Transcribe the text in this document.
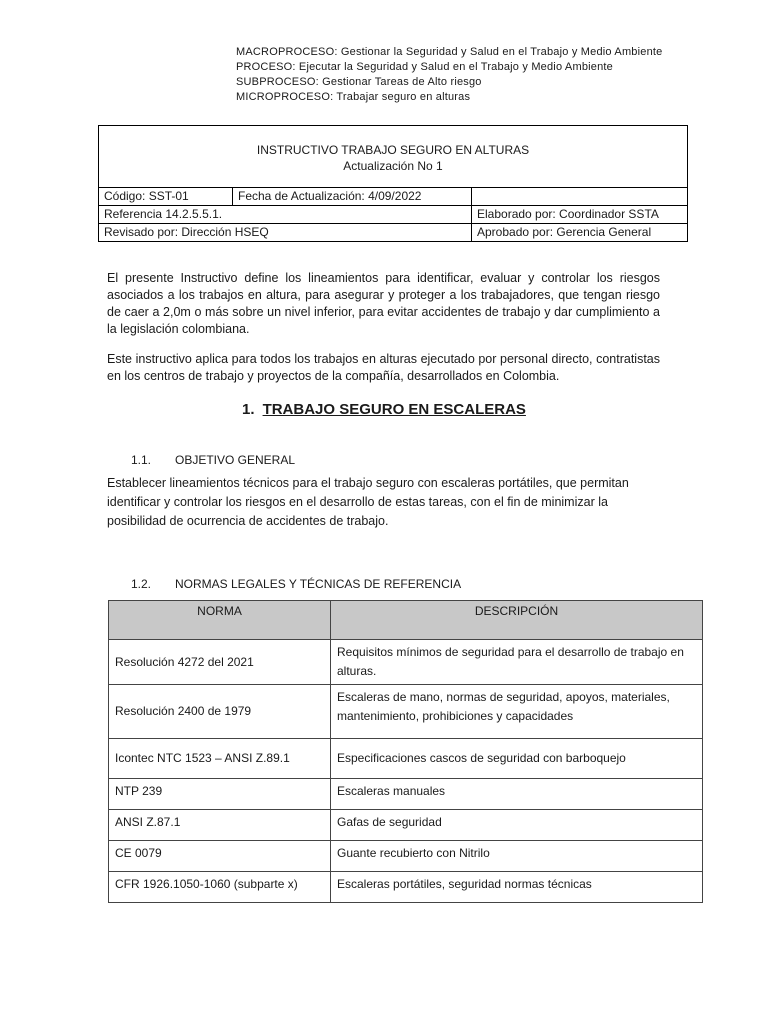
MACROPROCESO: Gestionar la Seguridad y Salud en el Trabajo y Medio Ambiente
PROCESO: Ejecutar la Seguridad y Salud en el Trabajo y Medio Ambiente
SUBPROCESO: Gestionar Tareas de Alto riesgo
MICROPROCESO: Trabajar seguro en alturas
INSTRUCTIVO TRABAJO SEGURO EN ALTURAS
Actualización No 1
Código: SST-01	Fecha de Actualización: 4/09/2022
Referencia 14.2.5.5.1.	Elaborado por: Coordinador SSTA
Revisado por: Dirección HSEQ	Aprobado por: Gerencia General

El presente Instructivo define los lineamientos para identificar, evaluar y controlar los riesgos asociados a los trabajos en altura, para asegurar y proteger a los trabajadores, que tengan riesgo de caer a 2,0m o más sobre un nivel inferior, para evitar accidentes de trabajo y dar cumplimiento a la legislación colombiana.

Este instructivo aplica para todos los trabajos en alturas ejecutado por personal directo, contratistas en los centros de trabajo y proyectos de la compañía, desarrollados en Colombia.

1. TRABAJO SEGURO EN ESCALERAS
1.1. OBJETIVO GENERAL

Establecer lineamientos técnicos para el trabajo seguro con escaleras portátiles, que permitan identificar y controlar los riesgos en el desarrollo de estas tareas, con el fin de minimizar la posibilidad de ocurrencia de accidentes de trabajo.

1.2. NORMAS LEGALES Y TÉCNICAS DE REFERENCIA
NORMA	DESCRIPCIÓN
Resolución 4272 del 2021	Requisitos mínimos de seguridad para el desarrollo de trabajo en alturas.
Resolución 2400 de 1979	Escaleras de mano, normas de seguridad, apoyos, materiales, mantenimiento, prohibiciones y capacidades
Icontec NTC 1523 – ANSI Z.89.1	Especificaciones cascos de seguridad con barboquejo
NTP 239	Escaleras manuales
ANSI Z.87.1	Gafas de seguridad
CE 0079	Guante recubierto con Nitrilo
CFR 1926.1050-1060 (subparte x)	Escaleras portátiles, seguridad normas técnicas
